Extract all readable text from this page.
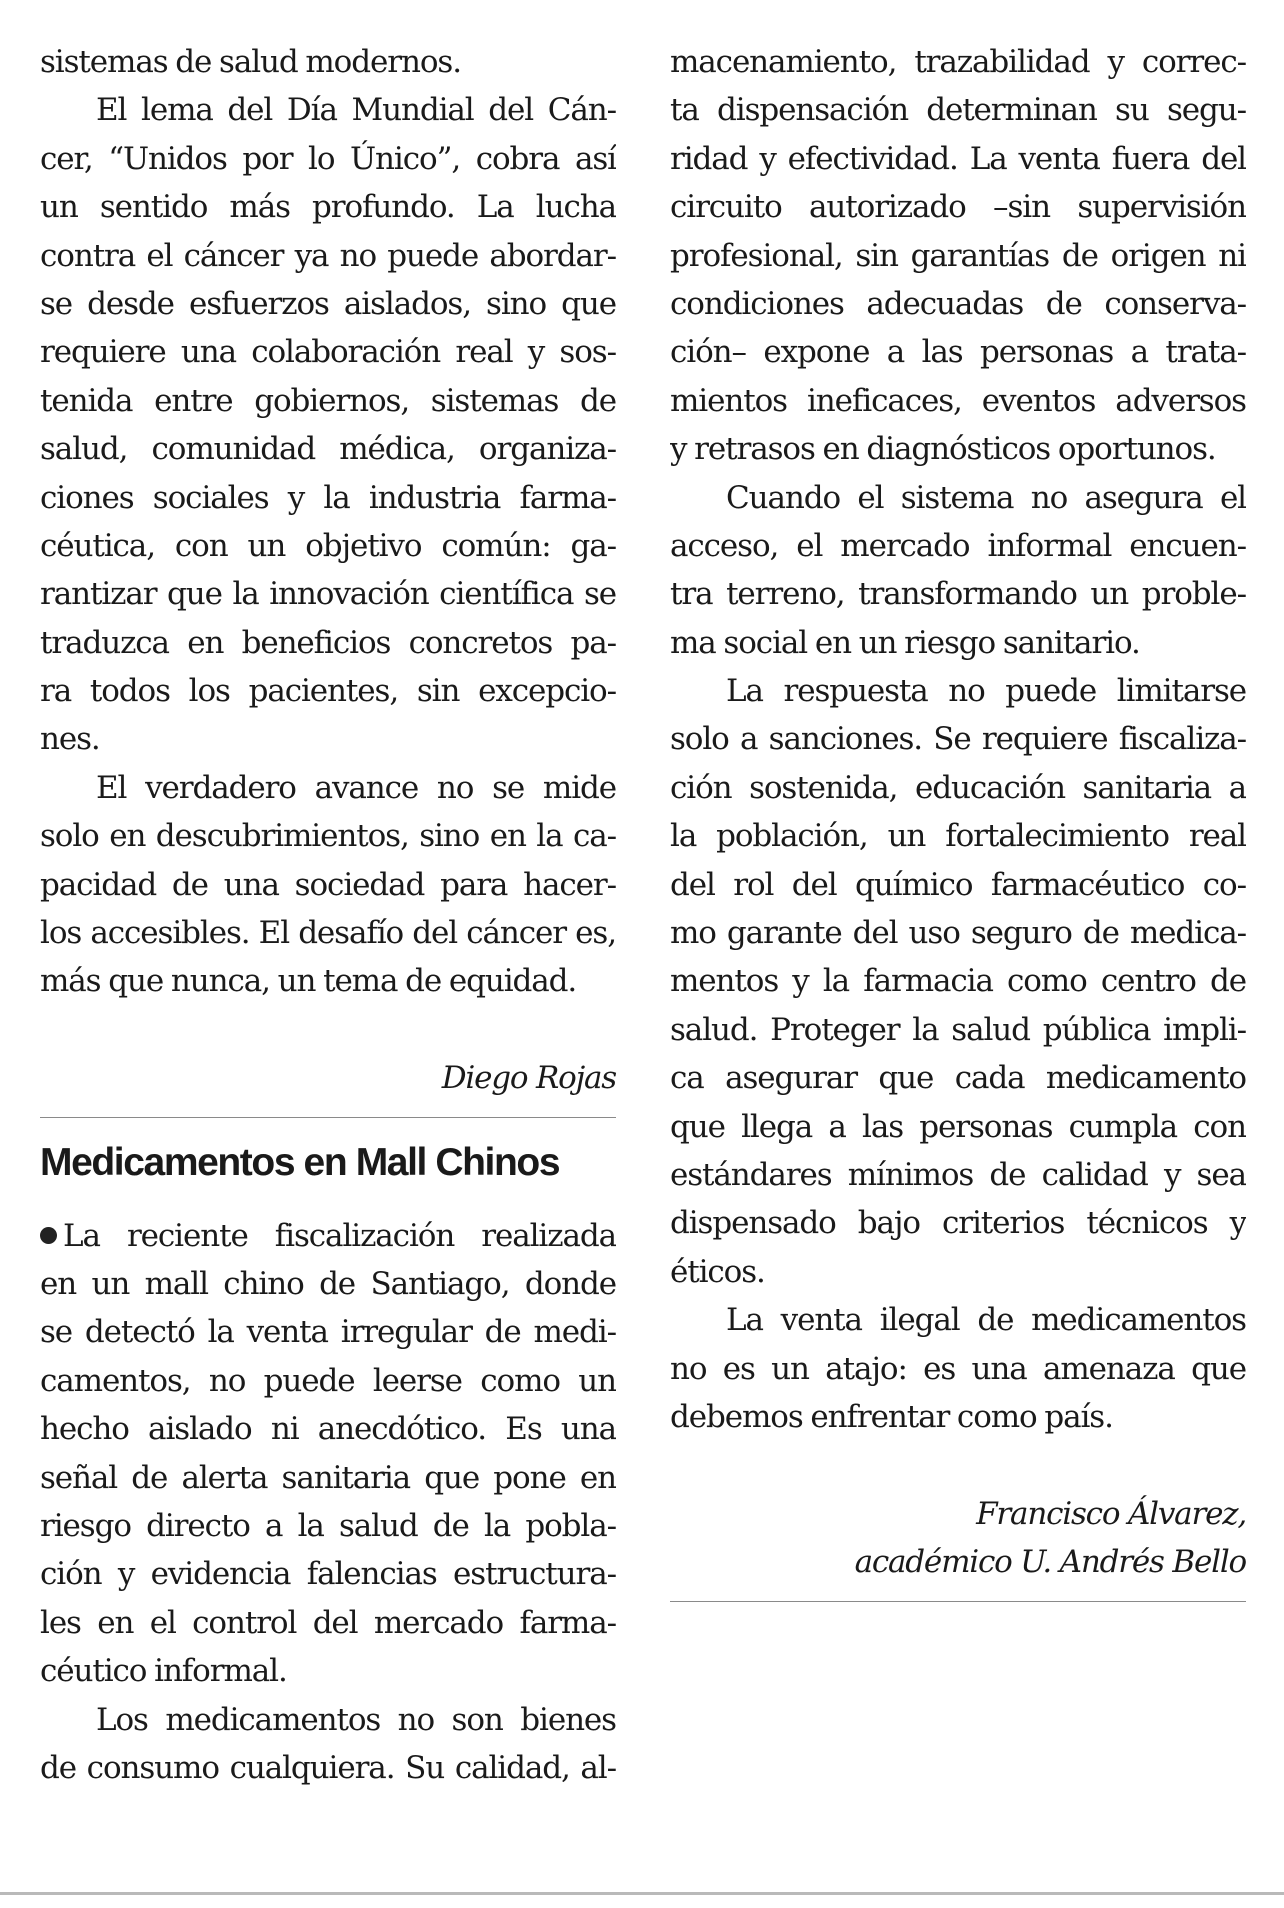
sistemas de salud modernos.
El lema del Día Mundial del Cán-
cer, “Unidos por lo Único”, cobra así
un sentido más profundo. La lucha
contra el cáncer ya no puede abordar-
se desde esfuerzos aislados, sino que
requiere una colaboración real y sos-
tenida entre gobiernos, sistemas de
salud, comunidad médica, organiza-
ciones sociales y la industria farma-
céutica, con un objetivo común: ga-
rantizar que la innovación científica se
traduzca en beneficios concretos pa-
ra todos los pacientes, sin excepcio-
nes.
El verdadero avance no se mide
solo en descubrimientos, sino en la ca-
pacidad de una sociedad para hacer-
los accesibles. El desafío del cáncer es,
más que nunca, un tema de equidad.
Diego Rojas
Medicamentos en Mall Chinos
La reciente fiscalización realizada
en un mall chino de Santiago, donde
se detectó la venta irregular de medi-
camentos, no puede leerse como un
hecho aislado ni anecdótico. Es una
señal de alerta sanitaria que pone en
riesgo directo a la salud de la pobla-
ción y evidencia falencias estructura-
les en el control del mercado farma-
céutico informal.
Los medicamentos no son bienes
de consumo cualquiera. Su calidad, al-
macenamiento, trazabilidad y correc-
ta dispensación determinan su segu-
ridad y efectividad. La venta fuera del
circuito autorizado –sin supervisión
profesional, sin garantías de origen ni
condiciones adecuadas de conserva-
ción– expone a las personas a trata-
mientos ineficaces, eventos adversos
y retrasos en diagnósticos oportunos.
Cuando el sistema no asegura el
acceso, el mercado informal encuen-
tra terreno, transformando un proble-
ma social en un riesgo sanitario.
La respuesta no puede limitarse
solo a sanciones. Se requiere fiscaliza-
ción sostenida, educación sanitaria a
la población, un fortalecimiento real
del rol del químico farmacéutico co-
mo garante del uso seguro de medica-
mentos y la farmacia como centro de
salud. Proteger la salud pública impli-
ca asegurar que cada medicamento
que llega a las personas cumpla con
estándares mínimos de calidad y sea
dispensado bajo criterios técnicos y
éticos.
La venta ilegal de medicamentos
no es un atajo: es una amenaza que
debemos enfrentar como país.
Francisco Álvarez,
académico U. Andrés Bello
